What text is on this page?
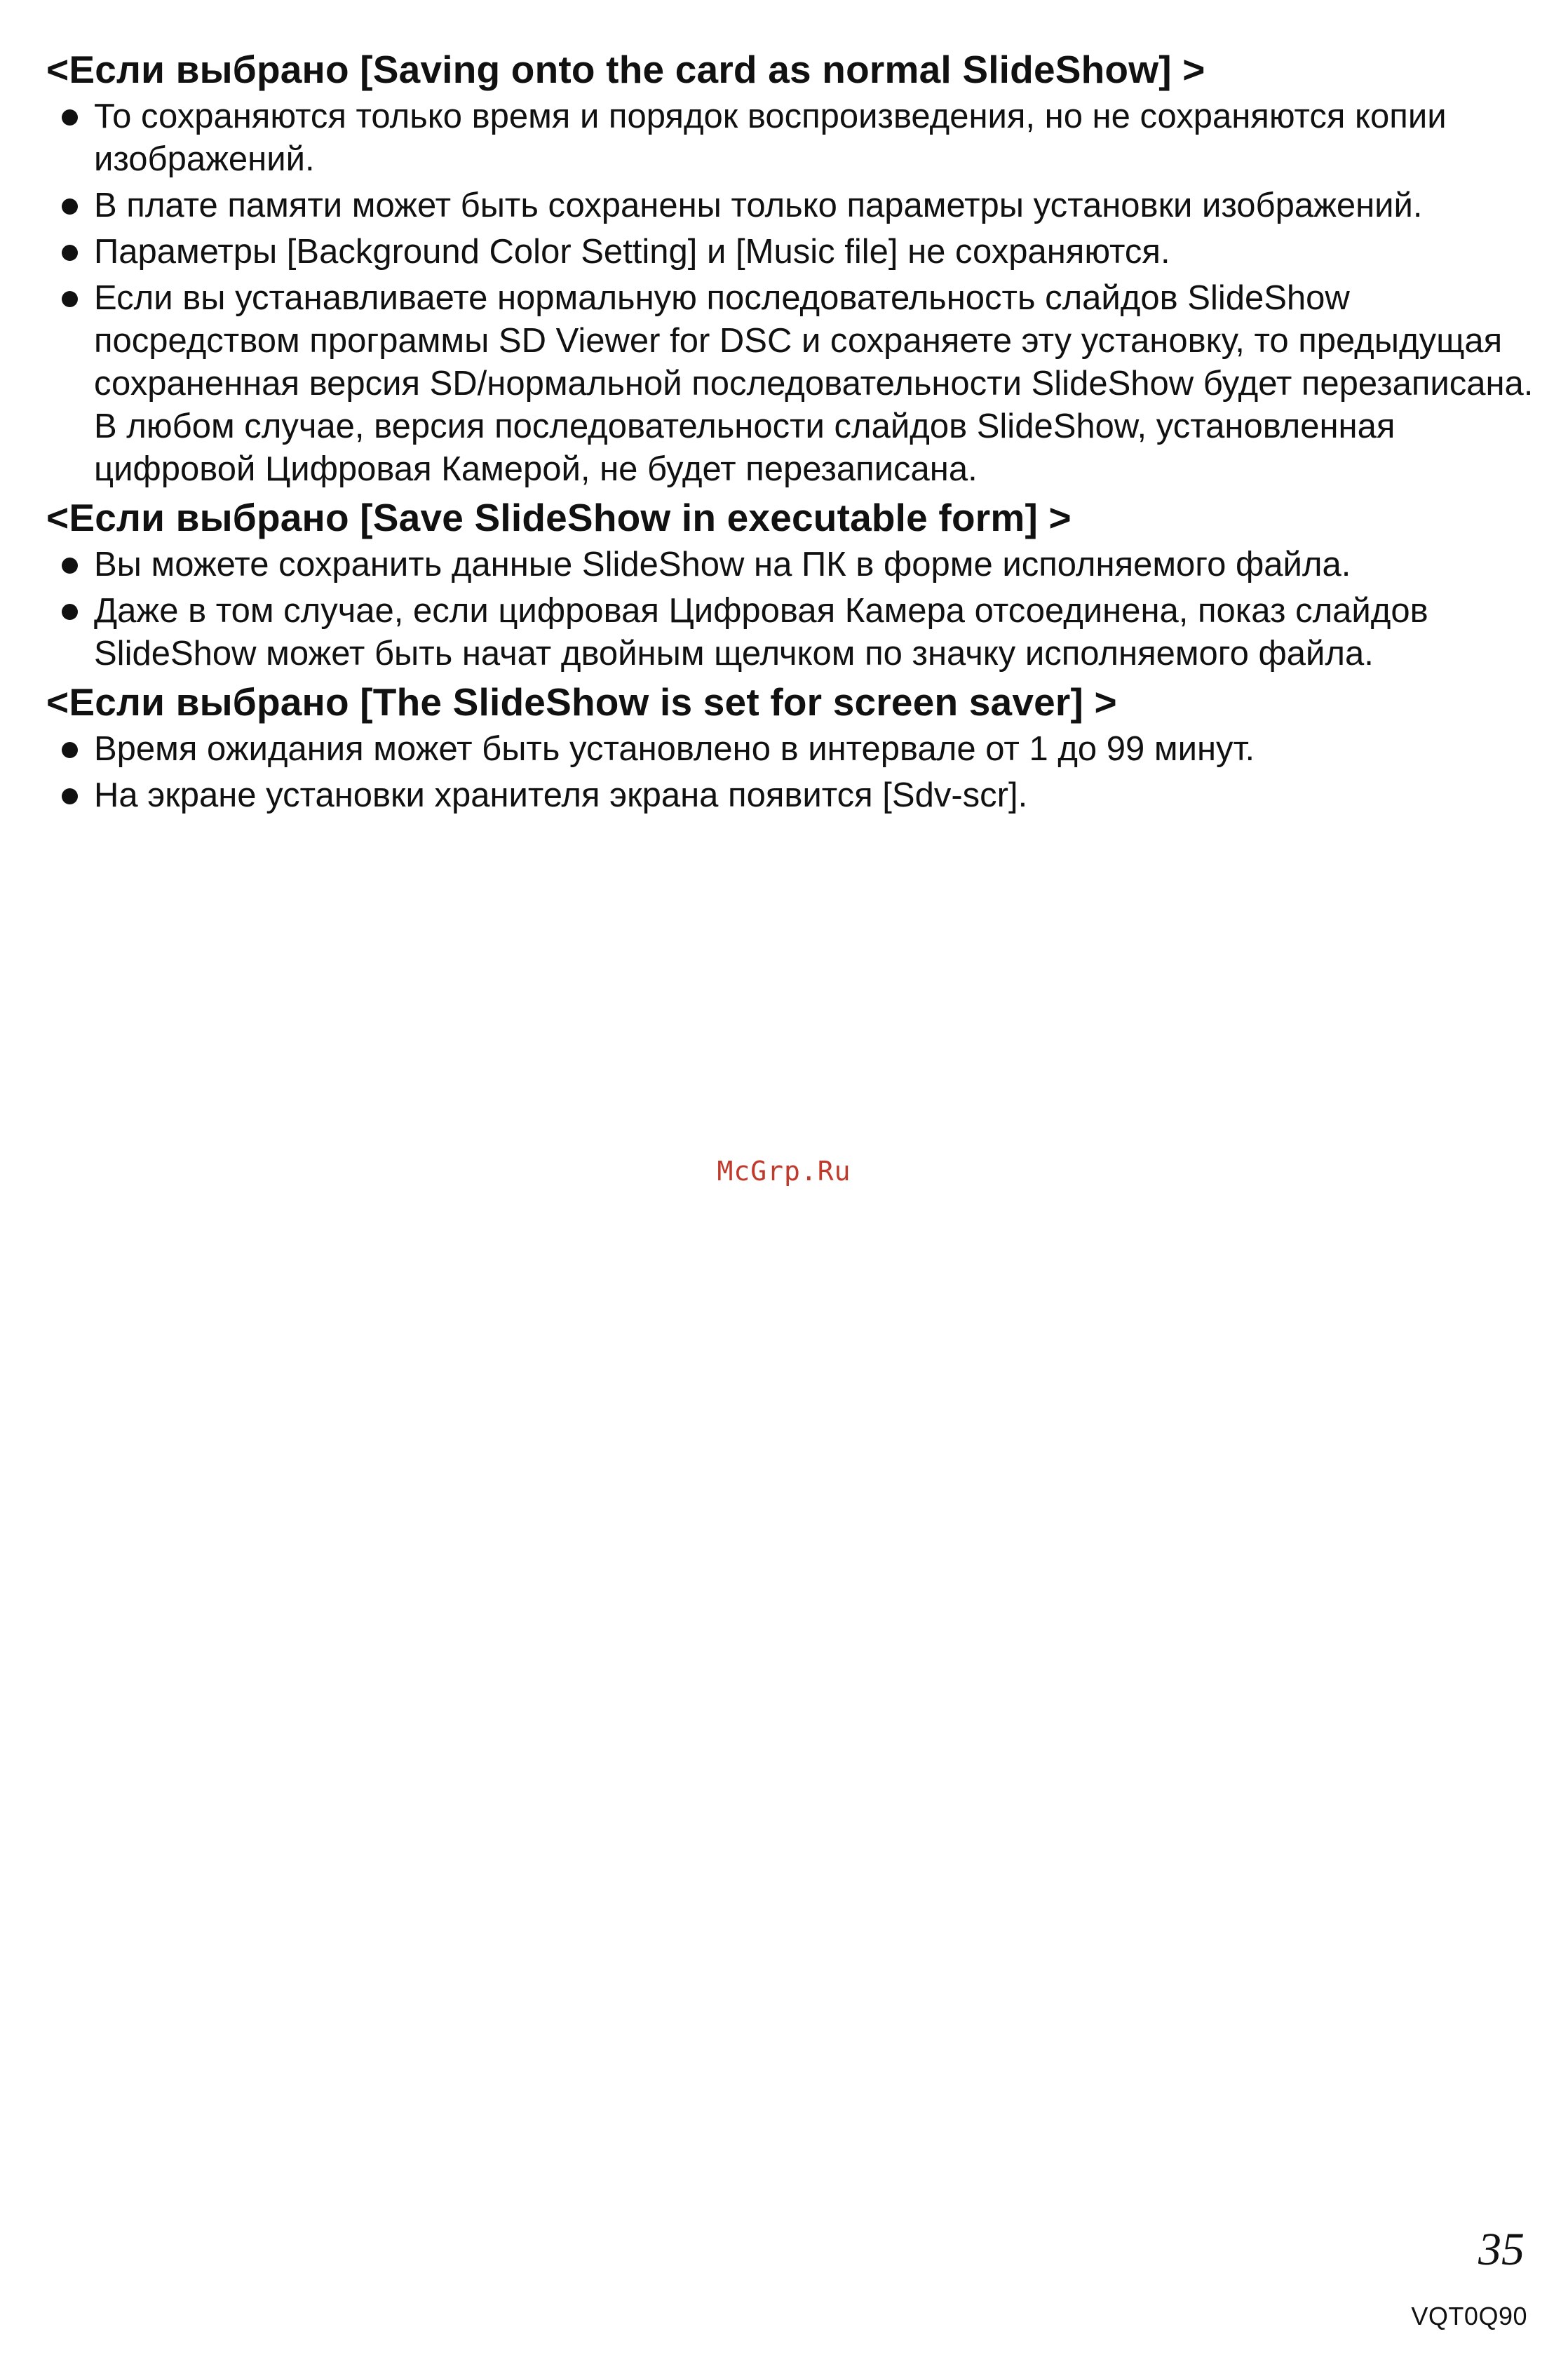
<Если выбрано [Saving onto the card as normal SlideShow] >
То сохраняются только время и порядок воспроизведения, но не сохраняются копии изображений.
В плате памяти может быть сохранены только параметры установки изображений.
Параметры [Background Color Setting] и [Music file] не сохраняются.
Если вы устанавливаете нормальную последовательность слайдов SlideShow посредством программы SD Viewer for DSC и сохраняете эту установку, то предыдущая сохраненная версия SD/нормальной последовательности SlideShow будет перезаписана. В любом случае, версия последовательности слайдов SlideShow, установленная цифровой Цифровая Камерой, не будет перезаписана.
<Если выбрано [Save SlideShow in executable form] >
Вы можете сохранить данные SlideShow на ПК в форме исполняемого файла.
Даже в том случае, если цифровая Цифровая Камера отсоединена, показ слайдов SlideShow может быть начат двойным щелчком по значку исполняемого файла.
<Если выбрано [The SlideShow is set for screen saver] >
Время ожидания может быть установлено в интервале от 1 до 99 минут.
На экране установки хранителя экрана появится [Sdv-scr].
McGrp.Ru
35
VQT0Q90
